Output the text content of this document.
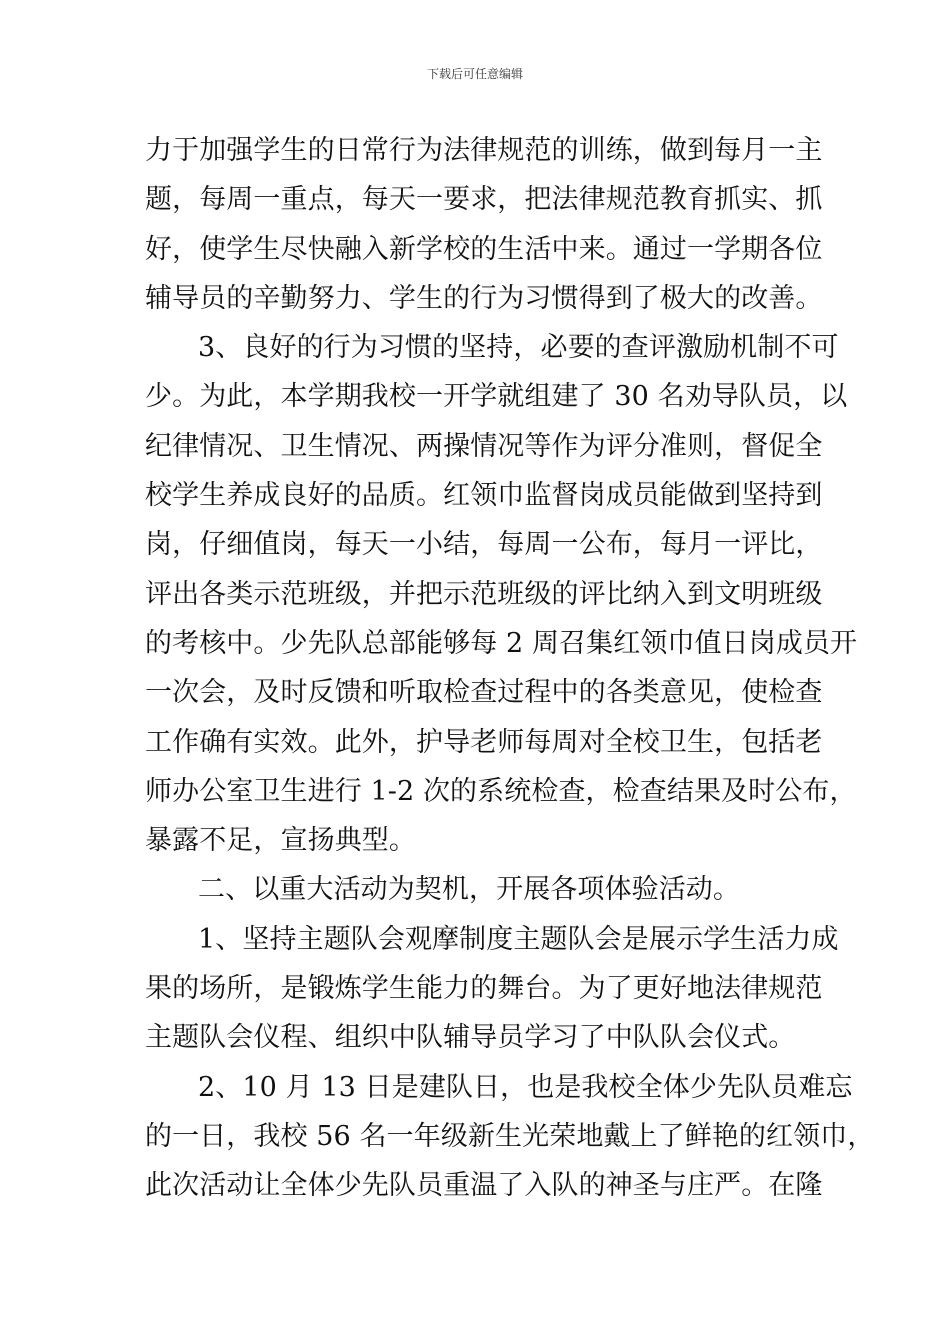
下载后可任意编辑
力于加强学生的日常行为法律规范的训练，做到每月一主
题，每周一重点，每天一要求，把法律规范教育抓实、抓
好，使学生尽快融入新学校的生活中来。通过一学期各位
辅导员的辛勤努力、学生的行为习惯得到了极大的改善。
3、良好的行为习惯的坚持，必要的查评激励机制不可
少。为此，本学期我校一开学就组建了 30 名劝导队员，以
纪律情况、卫生情况、两操情况等作为评分准则，督促全
校学生养成良好的品质。红领巾监督岗成员能做到坚持到
岗，仔细值岗，每天一小结，每周一公布，每月一评比，
评出各类示范班级，并把示范班级的评比纳入到文明班级
的考核中。少先队总部能够每 2 周召集红领巾值日岗成员开
一次会，及时反馈和听取检查过程中的各类意见，使检查
工作确有实效。此外，护导老师每周对全校卫生，包括老
师办公室卫生进行 1-2 次的系统检查，检查结果及时公布，
暴露不足，宣扬典型。
二、以重大活动为契机，开展各项体验活动。
1、坚持主题队会观摩制度主题队会是展示学生活力成
果的场所，是锻炼学生能力的舞台。为了更好地法律规范
主题队会仪程、组织中队辅导员学习了中队队会仪式。
2、10 月 13 日是建队日，也是我校全体少先队员难忘
的一日，我校 56 名一年级新生光荣地戴上了鲜艳的红领巾，
此次活动让全体少先队员重温了入队的神圣与庄严。在隆
